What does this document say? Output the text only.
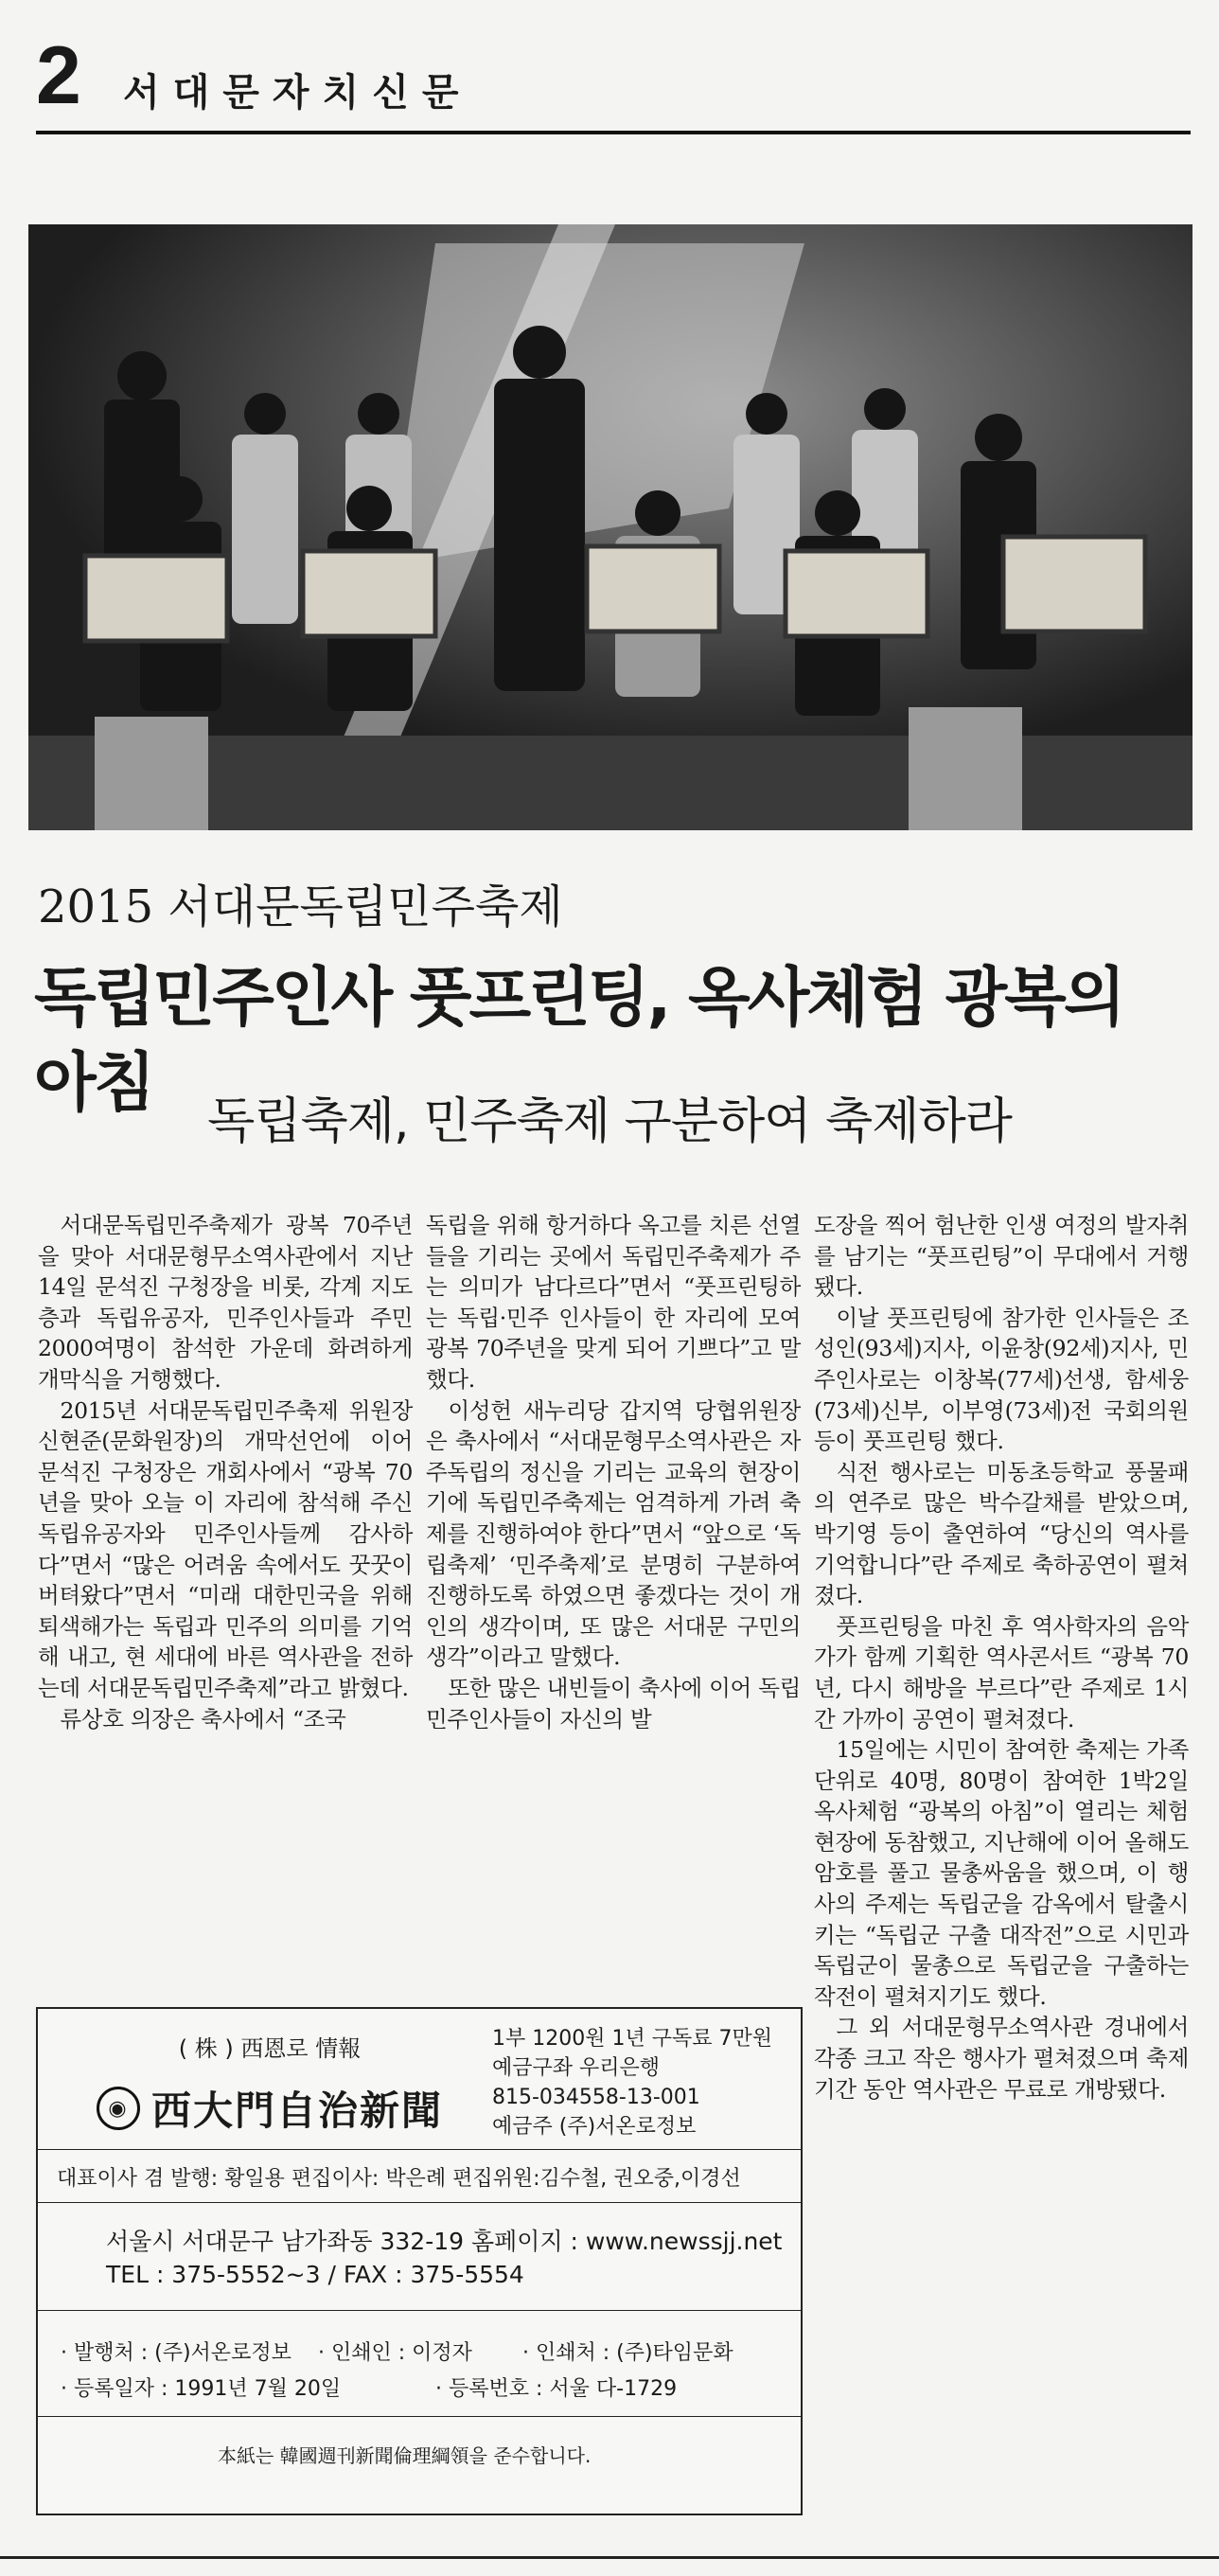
2 서대문자치신문
2015 서대문독립민주축제
독립민주인사 풋프린팅, 옥사체험 광복의 아침
독립축제, 민주축제 구분하여 축제하라

서대문독립민주축제가 광복 70주년을 맞아 서대문형무소역사관에서 지난 14일 문석진 구청장을 비롯, 각계 지도층과 독립유공자, 민주인사들과 주민 2000여명이 참석한 가운데 화려하게 개막식을 거행했다.

2015년 서대문독립민주축제 위원장 신현준(문화원장)의 개막선언에 이어 문석진 구청장은 개회사에서 “광복 70년을 맞아 오늘 이 자리에 참석해 주신 독립유공자와 민주인사들께 감사하다”면서 “많은 어려움 속에서도 꿋꿋이 버텨왔다”면서 “미래 대한민국을 위해 퇴색해가는 독립과 민주의 의미를 기억해 내고, 현 세대에 바른 역사관을 전하는데 서대문독립민주축제”라고 밝혔다.

류상호 의장은 축사에서 “조국

독립을 위해 항거하다 옥고를 치른 선열들을 기리는 곳에서 독립민주축제가 주는 의미가 남다르다”면서 “풋프린팅하는 독립·민주 인사들이 한 자리에 모여 광복 70주년을 맞게 되어 기쁘다”고 말했다.

이성헌 새누리당 갑지역 당협위원장은 축사에서 “서대문형무소역사관은 자주독립의 정신을 기리는 교육의 현장이기에 독립민주축제는 엄격하게 가려 축제를 진행하여야 한다”면서 “앞으로 ‘독립축제’ ‘민주축제’로 분명히 구분하여 진행하도록 하였으면 좋겠다는 것이 개인의 생각이며, 또 많은 서대문 구민의 생각”이라고 말했다.

또한 많은 내빈들이 축사에 이어 독립민주인사들이 자신의 발

도장을 찍어 험난한 인생 여정의 발자취를 남기는 “풋프린팅”이 무대에서 거행됐다.

이날 풋프린팅에 참가한 인사들은 조성인(93세)지사, 이윤창(92세)지사, 민주인사로는 이창복(77세)선생, 함세웅(73세)신부, 이부영(73세)전 국회의원 등이 풋프린팅 했다.

식전 행사로는 미동초등학교 풍물패의 연주로 많은 박수갈채를 받았으며, 박기영 등이 출연하여 “당신의 역사를 기억합니다”란 주제로 축하공연이 펼쳐졌다.

풋프린팅을 마친 후 역사학자의 음악가가 함께 기획한 역사콘서트 “광복 70년, 다시 해방을 부르다”란 주제로 1시간 가까이 공연이 펼쳐졌다.

15일에는 시민이 참여한 축제는 가족단위로 40명, 80명이 참여한 1박2일 옥사체험 “광복의 아침”이 열리는 체험현장에 동참했고, 지난해에 이어 올해도 암호를 풀고 물총싸움을 했으며, 이 행사의 주제는 독립군을 감옥에서 탈출시키는 “독립군 구출 대작전”으로 시민과 독립군이 물총으로 독립군을 구출하는 작전이 펼쳐지기도 했다.

그 외 서대문형무소역사관 경내에서 각종 크고 작은 행사가 펼쳐졌으며 축제기간 동안 역사관은 무료로 개방됐다.

( 株 ) 西恩로 情報
◉ 西大門自治新聞
1부 1200원 1년 구독료 7만원
예금구좌 우리은행
815-034558-13-001
예금주 (주)서온로정보
대표이사 겸 발행: 황일용 편집이사: 박은례 편집위원:김수철, 권오중,이경선
서울시 서대문구 남가좌동 332-19 홈페이지 : www.newssjj.net
TEL : 375-5552~3 / FAX : 375-5554
· 발행처 : (주)서온로정보 · 인쇄인 : 이정자 · 인쇄처 : (주)타임문화
· 등록일자 : 1991년 7월 20일	· 등록번호 : 서울 다-1729
本紙는 韓國週刊新聞倫理綱領을 준수합니다.
